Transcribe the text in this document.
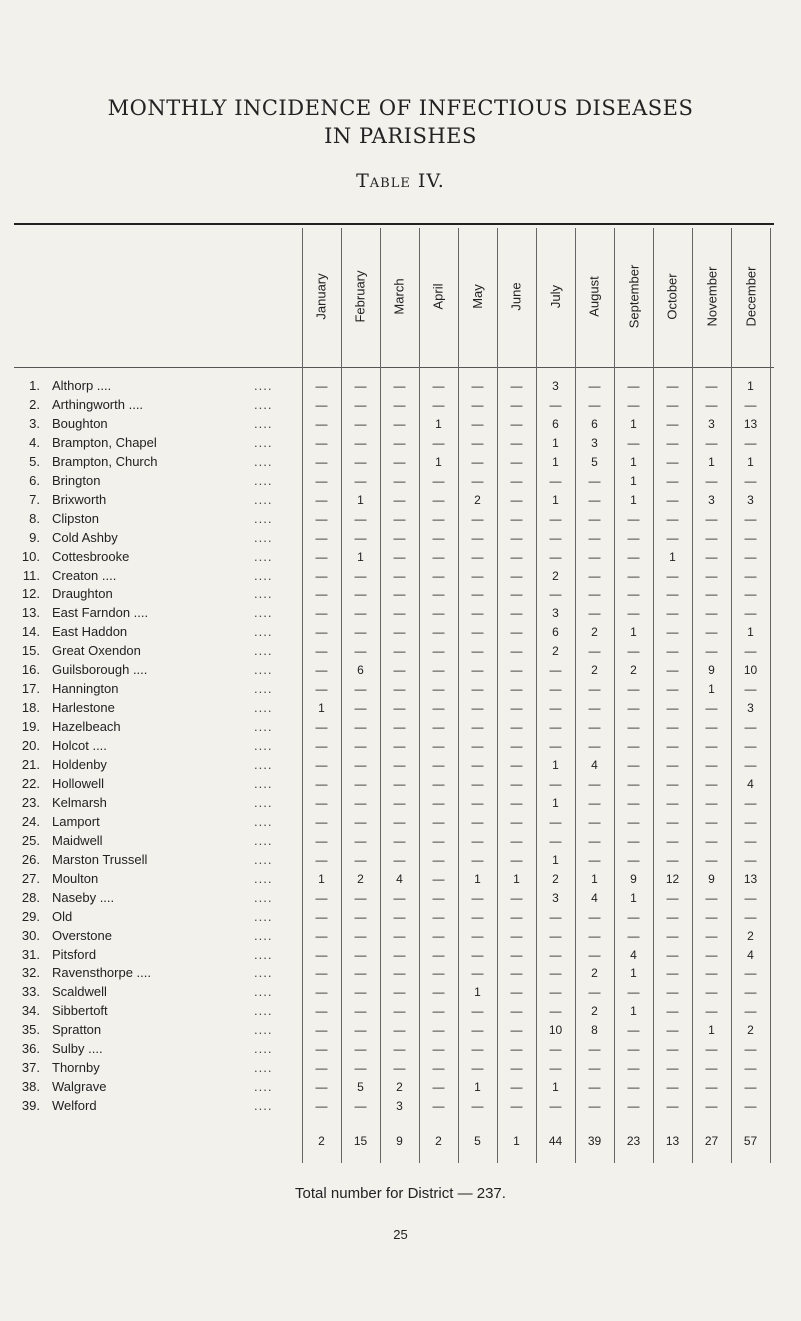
MONTHLY INCIDENCE OF INFECTIOUS DISEASES
IN PARISHES
Table IV.
January February March April May June July August September October November December
1. Althorp ....	....	—	—	—	—	—	—	3	—	—	—	—	1
2. Arthingworth ....	....	—	—	—	—	—	—	—	—	—	—	—	—
3. Boughton	....	—	—	—	1	—	—	6	6	1	—	3	13
4. Brampton, Chapel	....	—	—	—	—	—	—	1	3	—	—	—	—
5. Brampton, Church	....	—	—	—	1	—	—	1	5	1	—	1	1
6. Brington	....	—	—	—	—	—	—	—	—	1	—	—	—
7. Brixworth	....	—	1	—	—	2	—	1	—	1	—	3	3
8. Clipston	....	—	—	—	—	—	—	—	—	—	—	—	—
9. Cold Ashby	....	—	—	—	—	—	—	—	—	—	—	—	—
10. Cottesbrooke	....	—	1	—	—	—	—	—	—	—	1	—	—
11. Creaton ....	....	—	—	—	—	—	—	2	—	—	—	—	—
12. Draughton	....	—	—	—	—	—	—	—	—	—	—	—	—
13. East Farndon ....	....	—	—	—	—	—	—	3	—	—	—	—	—
14. East Haddon	....	—	—	—	—	—	—	6	2	1	—	—	1
15. Great Oxendon	....	—	—	—	—	—	—	2	—	—	—	—	—
16. Guilsborough ....	....	—	6	—	—	—	—	—	2	2	—	9	10
17. Hannington	....	—	—	—	—	—	—	—	—	—	—	1	—
18. Harlestone	....	1	—	—	—	—	—	—	—	—	—	—	3
19. Hazelbeach	....	—	—	—	—	—	—	—	—	—	—	—	—
20. Holcot ....	....	—	—	—	—	—	—	—	—	—	—	—	—
21. Holdenby	....	—	—	—	—	—	—	1	4	—	—	—	—
22. Hollowell	....	—	—	—	—	—	—	—	—	—	—	—	4
23. Kelmarsh	....	—	—	—	—	—	—	1	—	—	—	—	—
24. Lamport	....	—	—	—	—	—	—	—	—	—	—	—	—
25. Maidwell	....	—	—	—	—	—	—	—	—	—	—	—	—
26. Marston Trussell	....	—	—	—	—	—	—	1	—	—	—	—	—
27. Moulton	....	1	2	4	—	1	1	2	1	9	12	9	13
28. Naseby ....	....	—	—	—	—	—	—	3	4	1	—	—	—
29. Old	....	—	—	—	—	—	—	—	—	—	—	—	—
30. Overstone	....	—	—	—	—	—	—	—	—	—	—	—	2
31. Pitsford	....	—	—	—	—	—	—	—	—	4	—	—	4
32. Ravensthorpe ....	....	—	—	—	—	—	—	—	2	1	—	—	—
33. Scaldwell	....	—	—	—	—	1	—	—	—	—	—	—	—
34. Sibbertoft	....	—	—	—	—	—	—	—	2	1	—	—	—
35. Spratton	....	—	—	—	—	—	—	10	8	—	—	1	2
36. Sulby ....	....	—	—	—	—	—	—	—	—	—	—	—	—
37. Thornby	....	—	—	—	—	—	—	—	—	—	—	—	—
38. Walgrave	....	—	5	2	—	1	—	1	—	—	—	—	—
39. Welford	....	—	—	3	—	—	—	—	—	—	—	—	—
2	15	9	2	5	1	44	39	23	13	27	57
Total number for District — 237.
25
